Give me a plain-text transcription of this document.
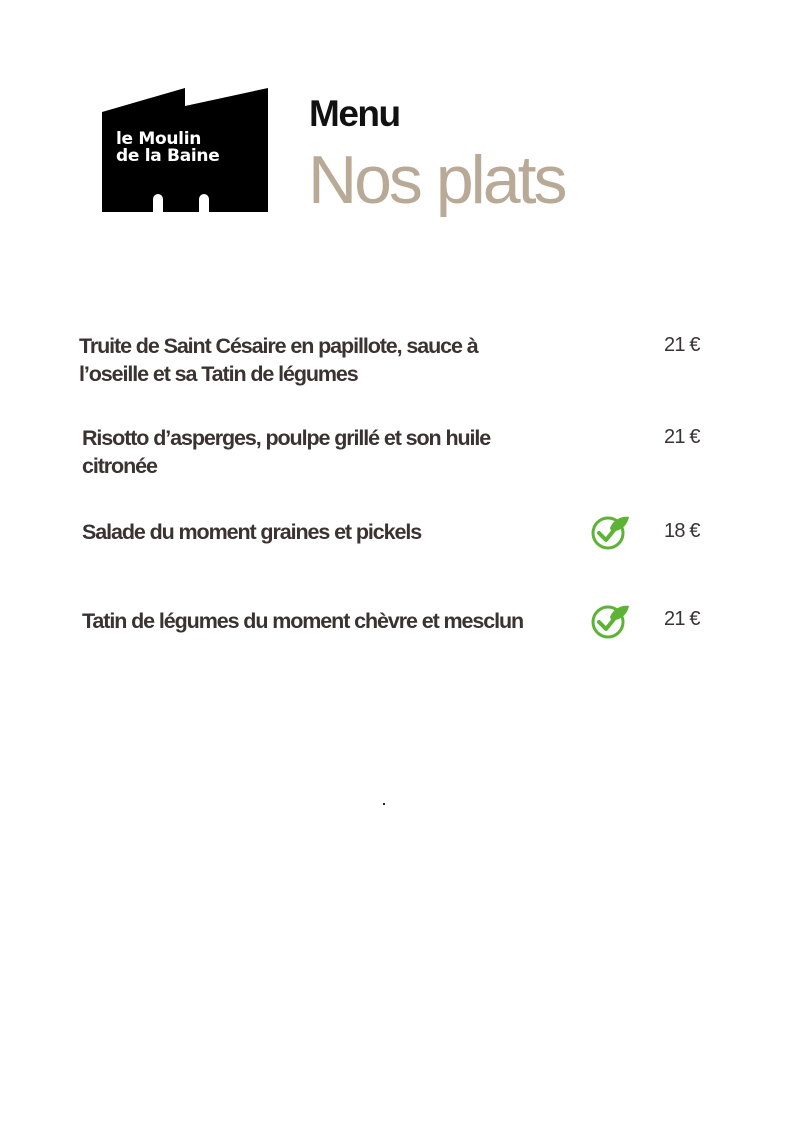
le Moulin
de la Baine
Menu
Nos plats
Truite de Saint Césaire en papillote, sauce à
l’oseille et sa Tatin de légumes
21 €
Risotto d’asperges, poulpe grillé et son huile
citronée
21 €
Salade du moment graines et pickels	18 €
Tatin de légumes du moment chèvre et mesclun	21 €
